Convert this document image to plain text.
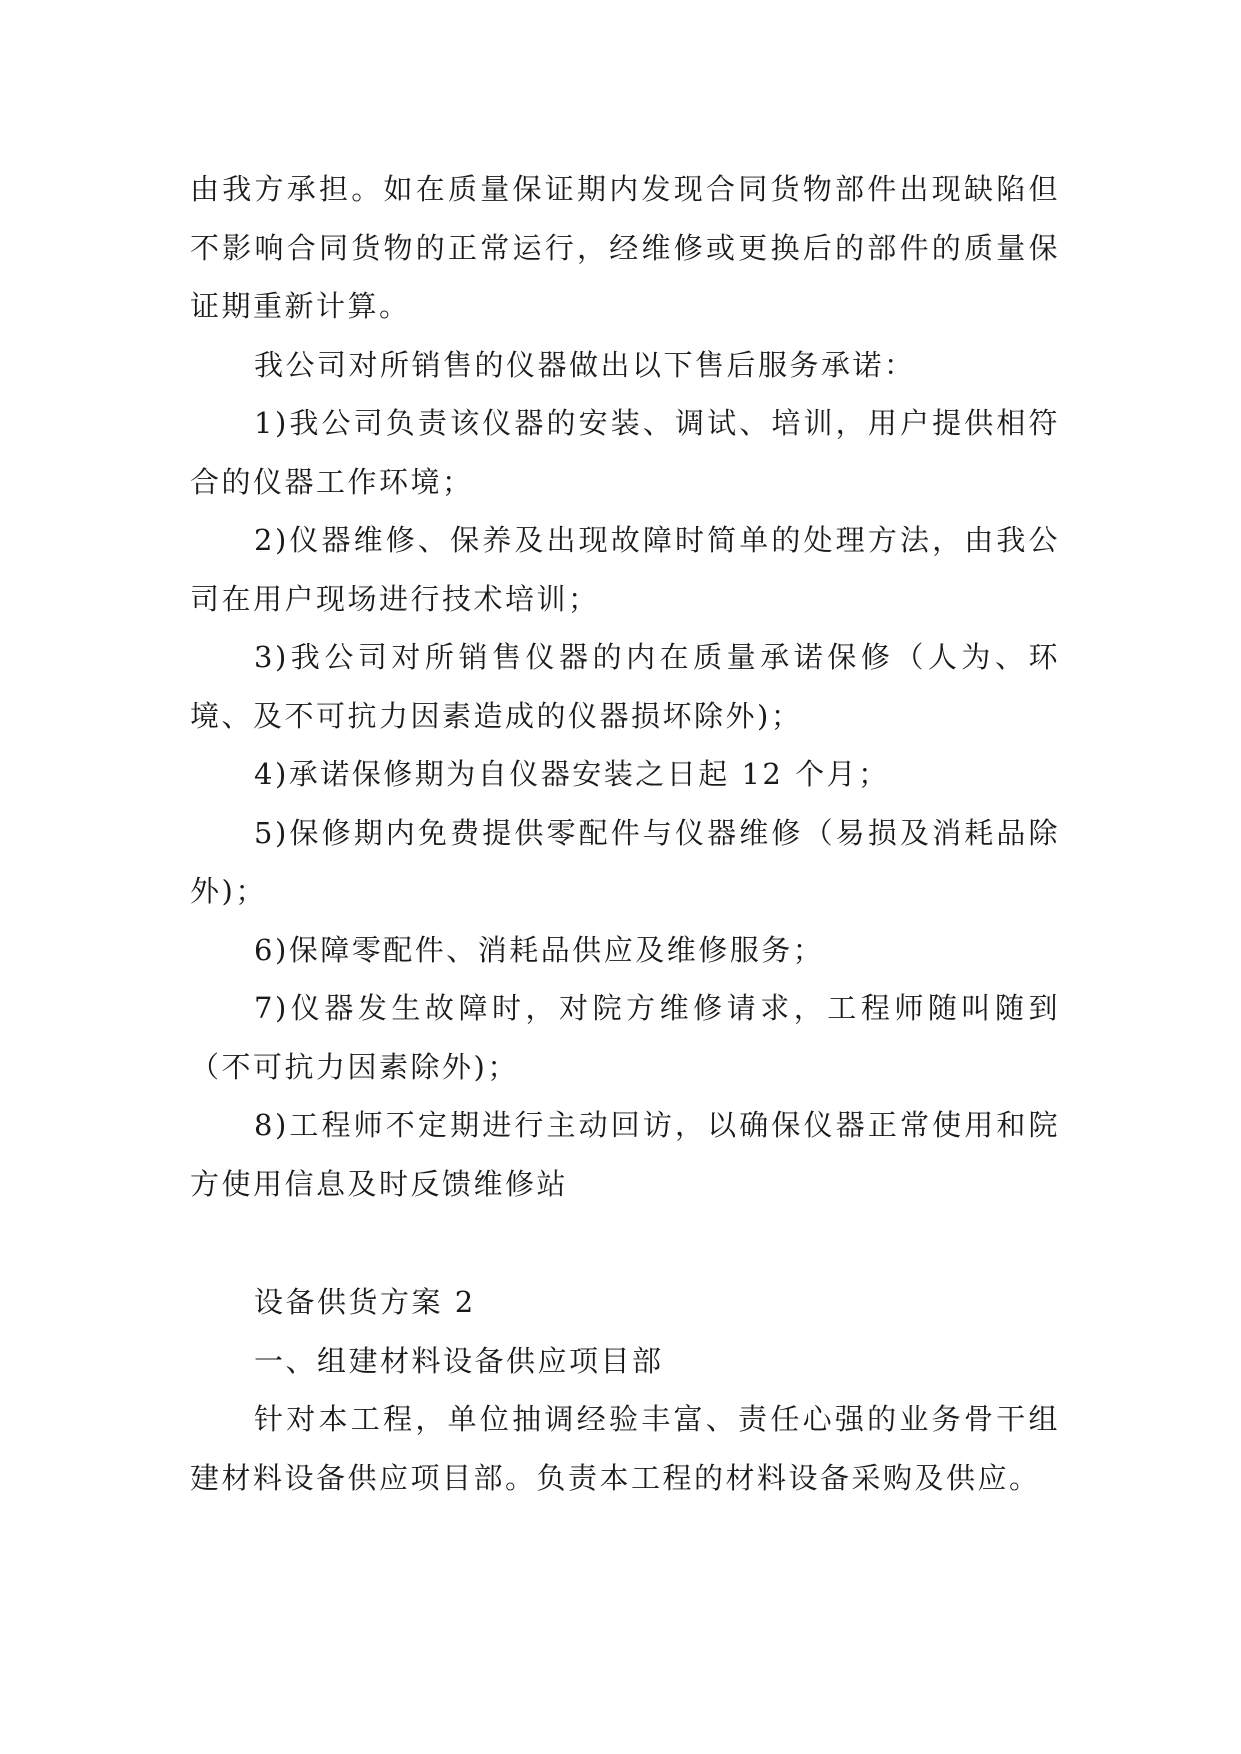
由我方承担。如在质量保证期内发现合同货物部件出现缺陷但不影响合同货物的正常运行，经维修或更换后的部件的质量保证期重新计算。

我公司对所销售的仪器做出以下售后服务承诺：

1)我公司负责该仪器的安装、调试、培训，用户提供相符合的仪器工作环境；

2)仪器维修、保养及出现故障时简单的处理方法，由我公司在用户现场进行技术培训；

3)我公司对所销售仪器的内在质量承诺保修（人为、环境、及不可抗力因素造成的仪器损坏除外)；

4)承诺保修期为自仪器安装之日起 12 个月；

5)保修期内免费提供零配件与仪器维修（易损及消耗品除外)；

6)保障零配件、消耗品供应及维修服务；

7)仪器发生故障时，对院方维修请求，工程师随叫随到（不可抗力因素除外)；

8)工程师不定期进行主动回访，以确保仪器正常使用和院方使用信息及时反馈维修站

设备供货方案 2

一、组建材料设备供应项目部

针对本工程，单位抽调经验丰富、责任心强的业务骨干组建材料设备供应项目部。负责本工程的材料设备采购及供应。
